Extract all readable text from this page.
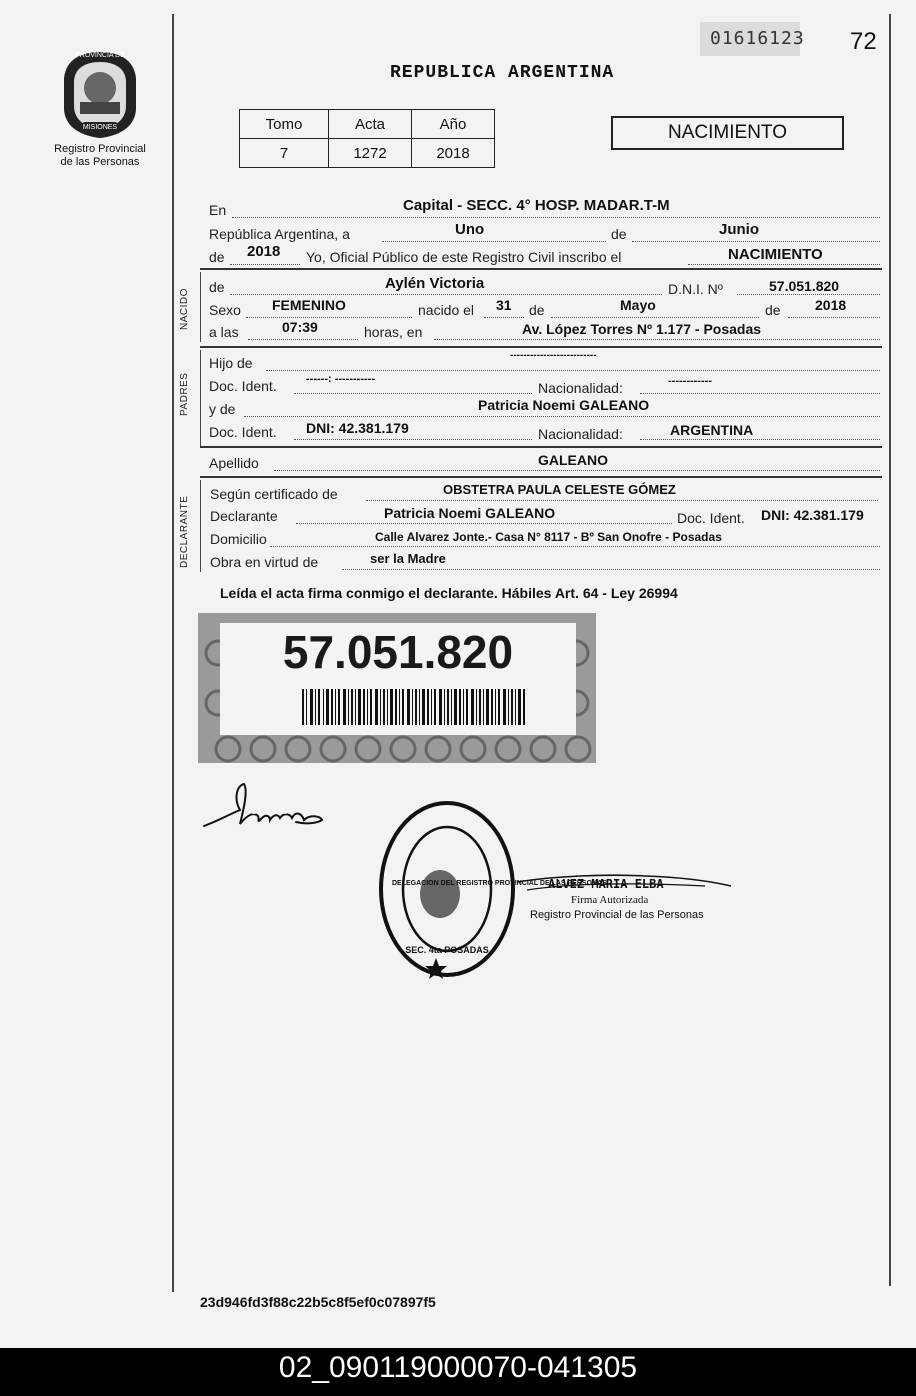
PROVINCIA DE
MISIONES
Registro Provincial
de las Personas
01616123 72
REPUBLICA ARGENTINA
Tomo	Acta	Año
7	1272	2018
NACIMIENTO
En	Capital - SECC. 4° HOSP. MADAR.T-M
República Argentina, a	Uno	de	Junio
de 2018 Yo, Oficial Público de este Registro Civil inscribo el	NACIMIENTO
NACIDO
de	Aylén Victoria	D.N.I. Nº	57.051.820
Sexo FEMENINO	nacido el 31 de	Mayo	de 2018
a las	07:39	horas, en	Av. López Torres Nº 1.177 - Posadas
PADRES
Hijo de	--------------------------
Doc. Ident.	------: -----------
Nacionalidad:	------------
y de	Patricia Noemi GALEANO
Doc. Ident. DNI: 42.381.179	Nacionalidad:	ARGENTINA
Apellido	GALEANO
DECLARANTE
Según certificado de	OBSTETRA PAULA CELESTE GÓMEZ
Declarante	Patricia Noemi GALEANO	Doc. Ident. DNI: 42.381.179
Domicilio	Calle Alvarez Jonte.- Casa N° 8117 - Bº San Onofre - Posadas
Obra en virtud de	ser la Madre
Leída el acta firma conmigo el declarante. Hábiles Art. 64 - Ley 26994
57.051.820
Galeano
DELEGACION DEL REGISTRO PROVINCIAL DE LAS PERSONAS
SEC. 4ta POSADAS
ALVEZ MARIA ELBA
Firma Autorizada
Registro Provincial de las Personas
23d946fd3f88c22b5c8f5ef0c07897f5
02_090119000070-041305
